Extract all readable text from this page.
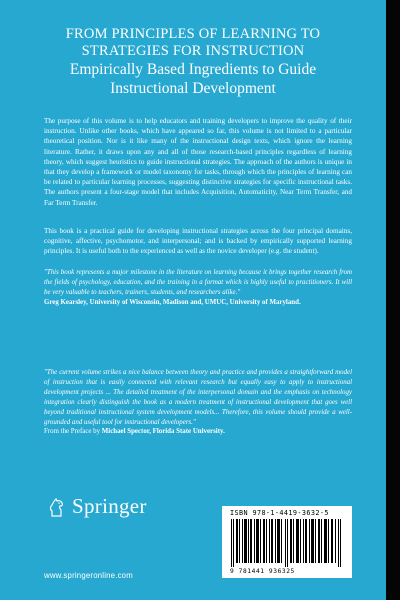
FROM PRINCIPLES OF LEARNING TO
STRATEGIES FOR INSTRUCTION
Empirically Based Ingredients to Guide
Instructional Development
The purpose of this volume is to help educators and training developers to improve the quality of their instruction. Unlike other books, which have appeared so far, this volume is not limited to a particular theoretical position. Nor is it like many of the instructional design texts, which ignore the learning literature. Rather, it draws upon any and all of those research-based principles regardless of learning theory, which suggest heuristics to guide instructional strategies. The approach of the authors is unique in that they develop a framework or model taxonomy for tasks, through which the principles of learning can be related to particular learning processes, suggesting distinctive strategies for specific instructional tasks. The authors present a four-stage model that includes Acquisition, Automaticity, Near Term Transfer, and Far Term Transfer.
This book is a practical guide for developing instructional strategies across the four principal domains, cognitive, affective, psychomotor, and interpersonal; and is backed by empirically supported learning principles. It is useful both to the experienced as well as the novice developer (e.g. the student).
"This book represents a major milestone in the literature on learning because it brings together research from the fields of psychology, education, and the training in a format which is highly useful to practitioners. It will be very valuable to teachers, trainers, students, and researchers alike."
Greg Kearsley, University of Wisconsin, Madison and, UMUC, University of Maryland.
"The current volume strikes a nice balance between theory and practice and provides a straightforward model of instruction that is easily connected with relevant research but equally easy to apply to instructional development projects ... The detailed treatment of the interpersonal domain and the emphasis on technology integration clearly distinguish the book as a modern treatment of instructional development that goes well beyond traditional instructional system development models... Therefore, this volume should provide a well-grounded and useful tool for instructional developers."
From the Preface by Michael Spector, Florida State University.
Springer
www.springeronline.com
ISBN 978-1-4419-3632-5
9 781441 936325
